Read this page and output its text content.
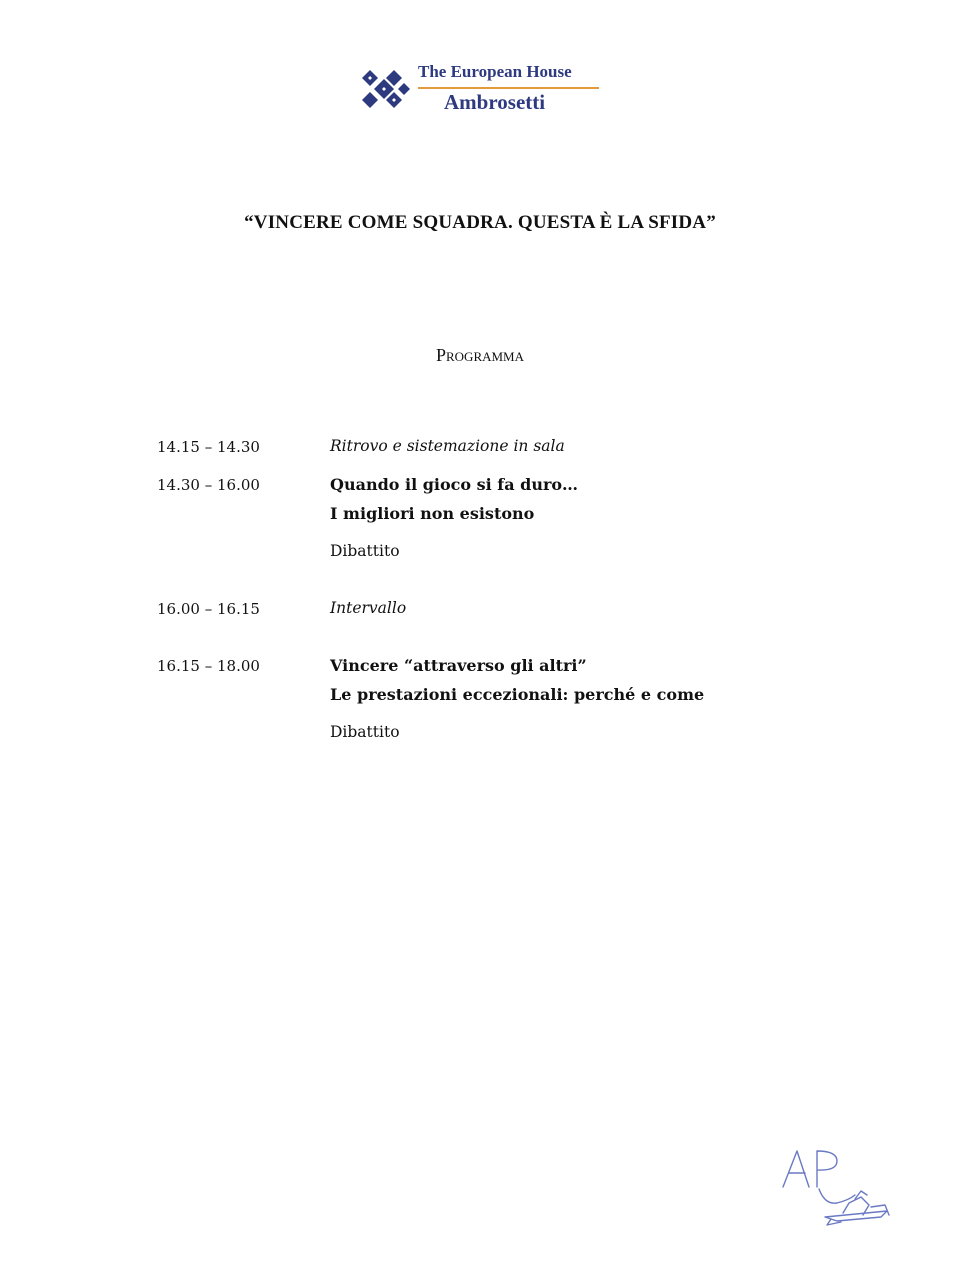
The European House
Ambrosetti
“VINCERE COME SQUADRA. QUESTA È LA SFIDA”
Programma
14.15 – 14.30	Ritrovo e sistemazione in sala
14.30 – 16.00	Quando il gioco si fa duro…
I migliori non esistono
Dibattito
16.00 – 16.15	Intervallo
16.15 – 18.00	Vincere “attraverso gli altri”
Le prestazioni eccezionali: perché e come
Dibattito
